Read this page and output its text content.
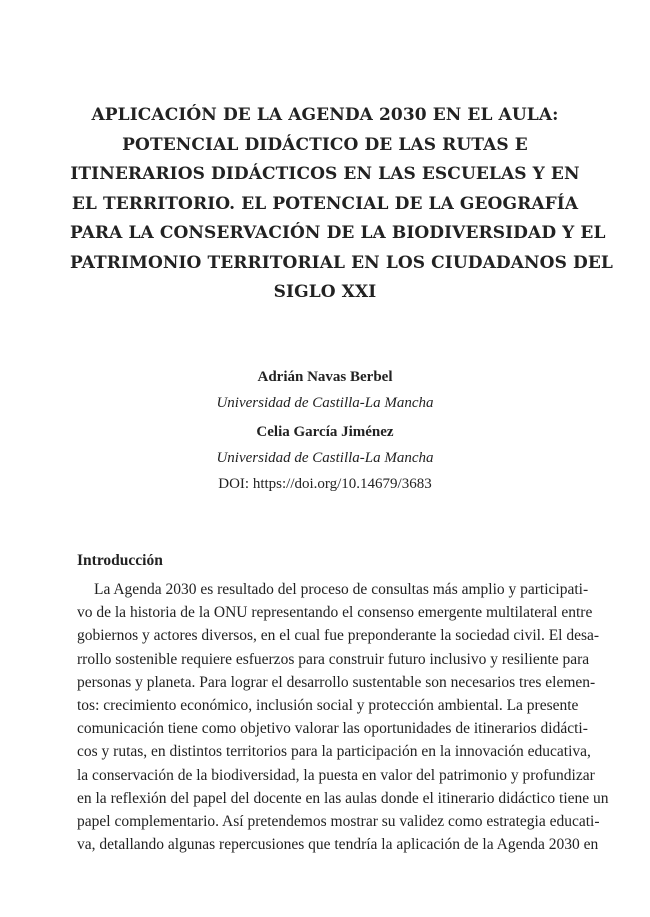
APLICACIÓN DE LA AGENDA 2030 EN EL AULA:
POTENCIAL DIDÁCTICO DE LAS RUTAS E
ITINERARIOS DIDÁCTICOS EN LAS ESCUELAS Y EN
EL TERRITORIO. EL POTENCIAL DE LA GEOGRAFÍA
PARA LA CONSERVACIÓN DE LA BIODIVERSIDAD Y EL
PATRIMONIO TERRITORIAL EN LOS CIUDADANOS DEL
SIGLO XXI
Adrián Navas Berbel
Universidad de Castilla-La Mancha
Celia García Jiménez
Universidad de Castilla-La Mancha
DOI: https://doi.org/10.14679/3683
Introducción
La Agenda 2030 es resultado del proceso de consultas más amplio y participati-
vo de la historia de la ONU representando el consenso emergente multilateral entre
gobiernos y actores diversos, en el cual fue preponderante la sociedad civil. El desa-
rrollo sostenible requiere esfuerzos para construir futuro inclusivo y resiliente para
personas y planeta. Para lograr el desarrollo sustentable son necesarios tres elemen-
tos: crecimiento económico, inclusión social y protección ambiental. La presente
comunicación tiene como objetivo valorar las oportunidades de itinerarios didácti-
cos y rutas, en distintos territorios para la participación en la innovación educativa,
la conservación de la biodiversidad, la puesta en valor del patrimonio y profundizar
en la reflexión del papel del docente en las aulas donde el itinerario didáctico tiene un
papel complementario. Así pretendemos mostrar su validez como estrategia educati-
va, detallando algunas repercusiones que tendría la aplicación de la Agenda 2030 en
